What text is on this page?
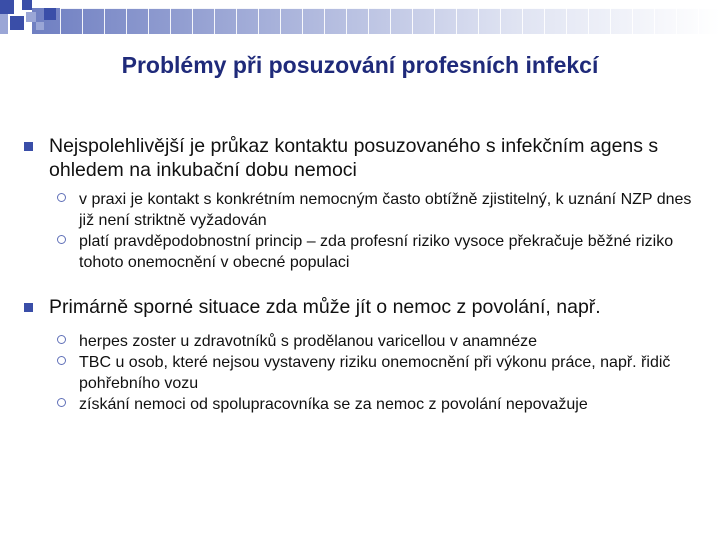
Problémy při posuzování profesních infekcí
Nejspolehlivější je průkaz kontaktu posuzovaného s infekčním agens s ohledem na inkubační dobu nemoci
v praxi je kontakt s konkrétním nemocným často obtížně zjistitelný, k uznání NZP dnes již není striktně vyžadován
platí pravděpodobnostní princip – zda profesní riziko vysoce překračuje běžné riziko tohoto onemocnění v obecné populaci
Primárně sporné situace zda může jít o nemoc z povolání, např.
herpes zoster u zdravotníků s prodělanou varicellou v anamnéze
TBC u osob, které nejsou vystaveny riziku onemocnění při výkonu práce, např. řidič pohřebního vozu
získání nemoci od spolupracovníka se za nemoc z povolání nepovažuje
